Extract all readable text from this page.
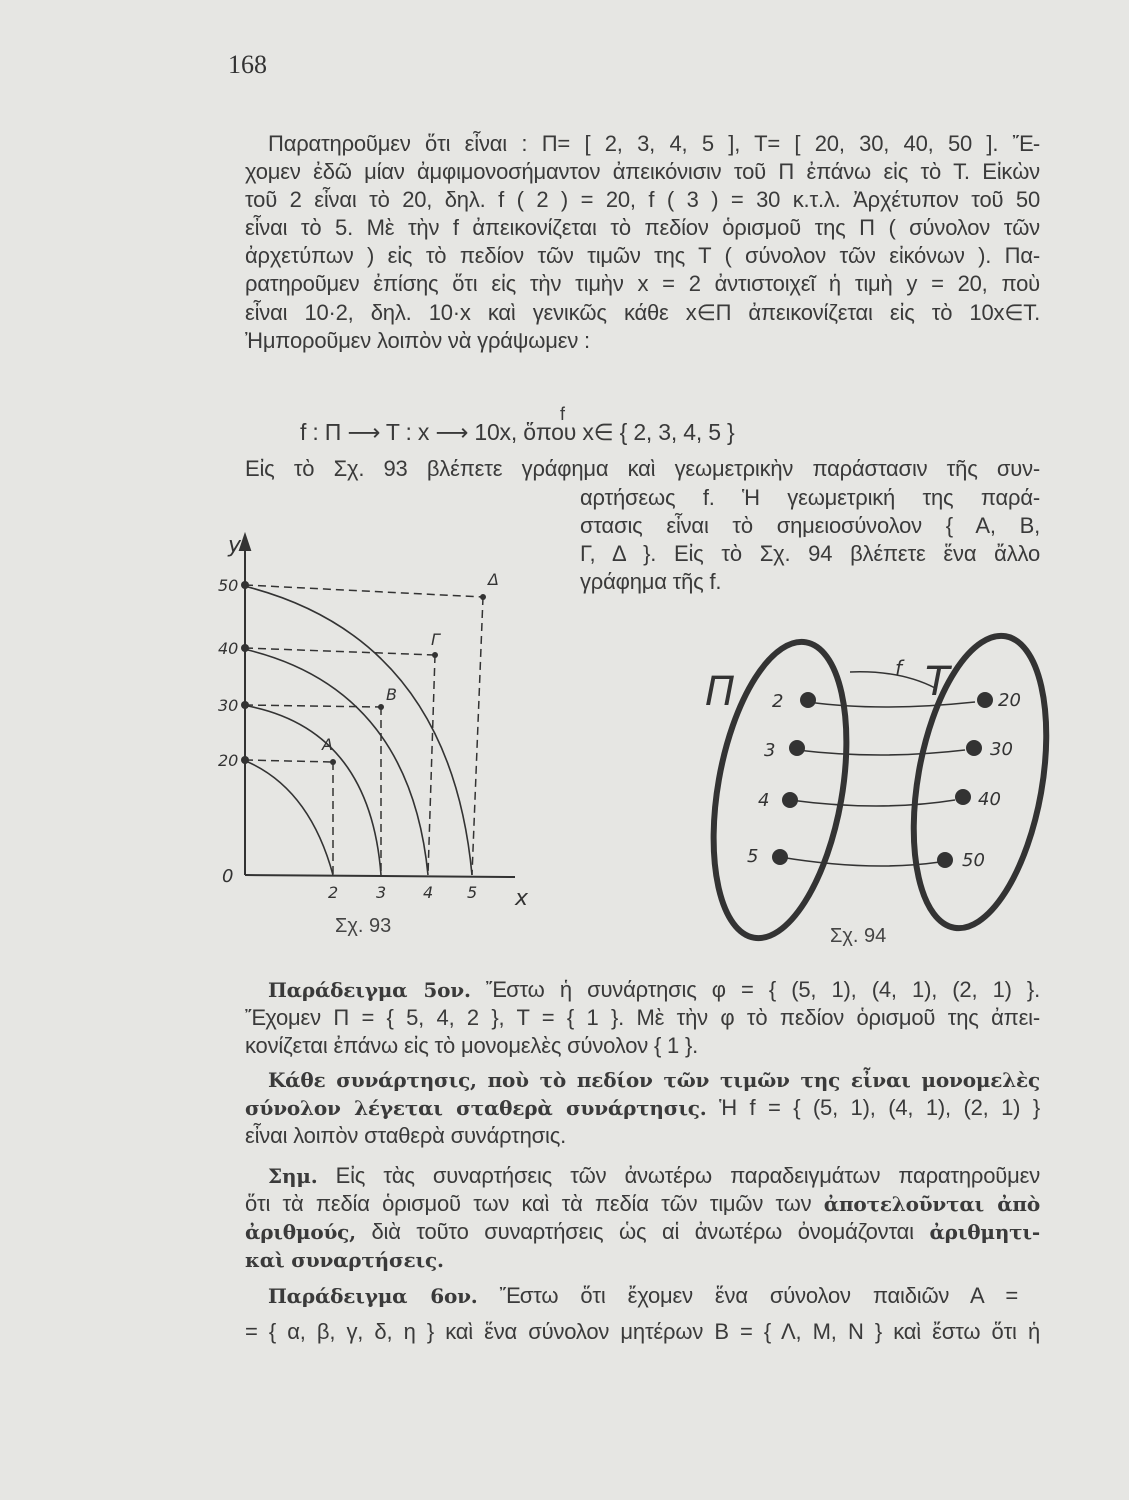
168
Παρατηροῦμεν ὅτι εἶναι : Π= [ 2, 3, 4, 5 ], Τ= [ 20, 30, 40, 50 ]. Ἔ-
χομεν ἐδῶ μίαν ἀμφιμονοσήμαντον ἀπεικόνισιν τοῦ Π ἐπάνω εἰς τὸ Τ. Εἰκὼν
τοῦ 2 εἶναι τὸ 20, δηλ. f ( 2 ) = 20, f ( 3 ) = 30 κ.τ.λ. Ἀρχέτυπον τοῦ 50
εἶναι τὸ 5. Μὲ τὴν f ἀπεικονίζεται τὸ πεδίον ὁρισμοῦ της Π ( σύνολον τῶν
ἀρχετύπων ) εἰς τὸ πεδίον τῶν τιμῶν της Τ ( σύνολον τῶν εἰκόνων ). Πα-
ρατηροῦμεν ἐπίσης ὅτι εἰς τὴν τιμὴν x = 2 ἀντιστοιχεῖ ἡ τιμὴ y = 20, ποὺ
εἶναι 10·2, δηλ. 10·x καὶ γενικῶς κάθε x∈Π ἀπεικονίζεται εἰς τὸ 10x∈Τ.
Ἠμποροῦμεν λοιπὸν νὰ γράψωμεν :
Εἰς τὸ Σχ. 93 βλέπετε γράφημα καὶ γεωμετρικὴν παράστασιν τῆς συν-
αρτήσεως f. Ἡ γεωμετρική της παρά-
στασις εἶναι τὸ σημειοσύνολον { Α, Β,
Γ, Δ }. Εἰς τὸ Σχ. 94 βλέπετε ἕνα ἄλλο
γράφημα τῆς f.
Παράδειγμα 5ον. Ἔστω ἡ συνάρτησις φ = { (5, 1), (4, 1), (2, 1) }.
Ἔχομεν Π = { 5, 4, 2 }, Τ = { 1 }. Μὲ τὴν φ τὸ πεδίον ὁρισμοῦ της ἀπει-
κονίζεται ἐπάνω εἰς τὸ μονομελὲς σύνολον { 1 }.
Κάθε συνάρτησις, ποὺ τὸ πεδίον τῶν τιμῶν της εἶναι μονομελὲς
σύνολον λέγεται σταθερὰ συνάρτησις. Ἡ f = { (5, 1), (4, 1), (2, 1) }
εἶναι λοιπὸν σταθερὰ συνάρτησις.
Σημ. Εἰς τὰς συναρτήσεις τῶν ἀνωτέρω παραδειγμάτων παρατηροῦμεν
ὅτι τὰ πεδία ὁρισμοῦ των καὶ τὰ πεδία τῶν τιμῶν των ἀποτελοῦνται ἀπὸ
ἀριθμούς, διὰ τοῦτο συναρτήσεις ὡς αἱ ἀνωτέρω ὀνομάζονται ἀριθμητι-
καὶ συναρτήσεις.
Παράδειγμα 6ον. Ἔστω ὅτι ἔχομεν ἕνα σύνολον παιδιῶν Α =
= { α, β, γ, δ, η } καὶ ἕνα σύνολον μητέρων Β = { Λ, Μ, Ν } καὶ ἔστω ὅτι ἡ
f
f : Π ⟶ Τ : x ⟶ 10x, ὅπου x∈ { 2, 3, 4, 5 }
y
x
0
2 3 4 5
20
30
40
50
Α
Β
Γ
Δ
Π	Τ
f
2
3
4
5
20
30
40
50
Σχ. 93	Σχ. 94
